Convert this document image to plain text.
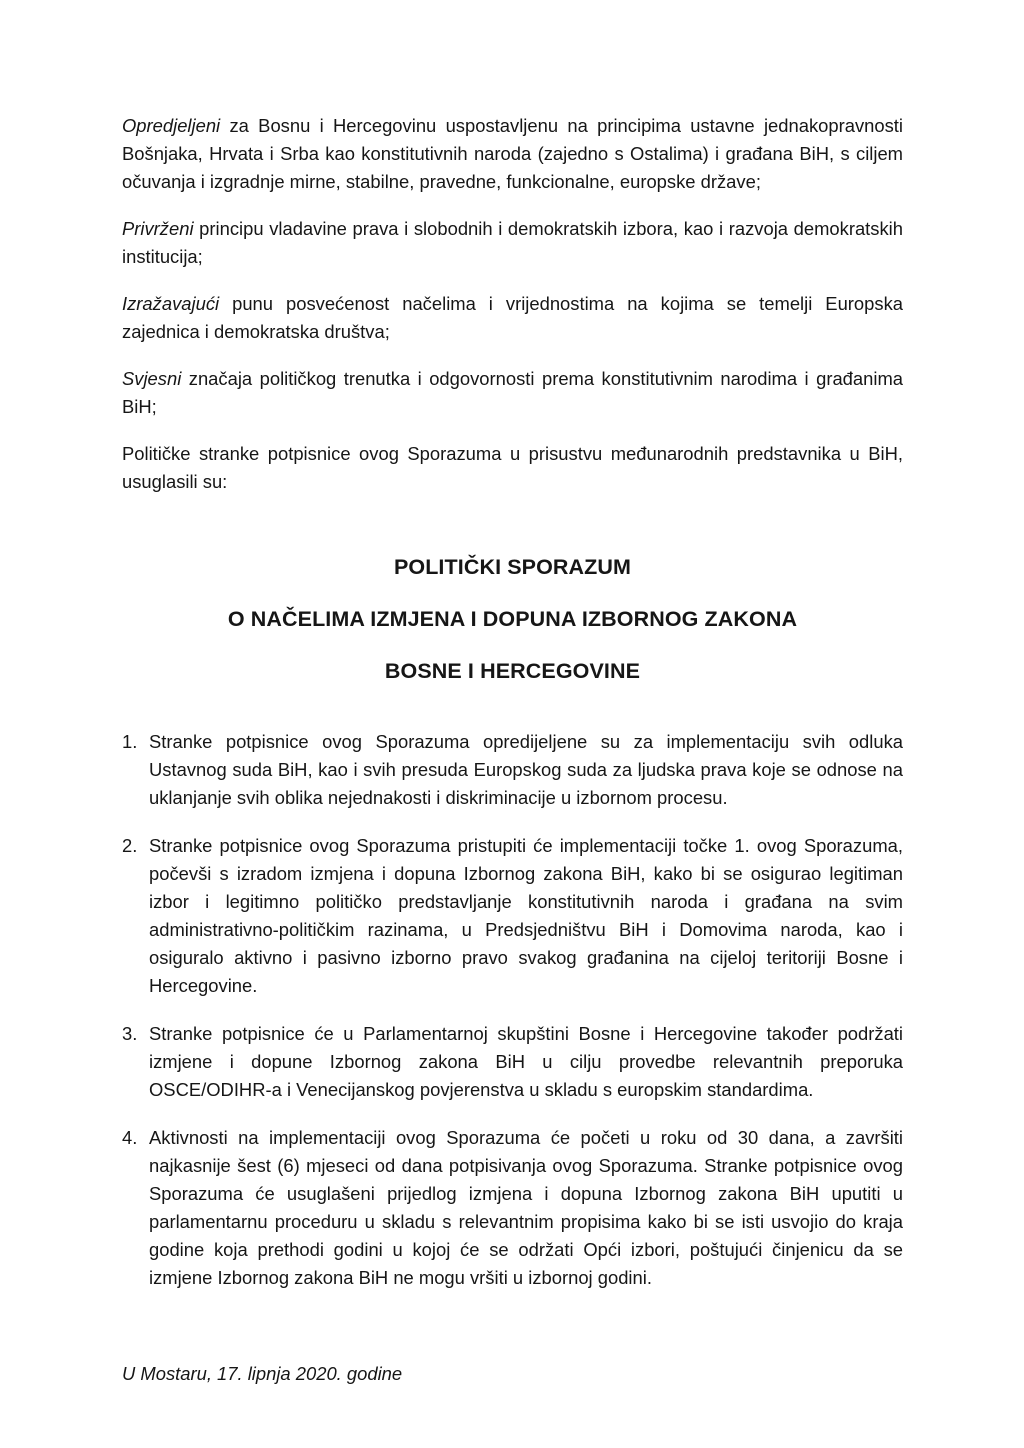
Opredjeljeni za Bosnu i Hercegovinu uspostavljenu na principima ustavne jednakopravnosti Bošnjaka, Hrvata i Srba kao konstitutivnih naroda (zajedno s Ostalima) i građana BiH, s ciljem očuvanja i izgradnje mirne, stabilne, pravedne, funkcionalne, europske države;

Privrženi principu vladavine prava i slobodnih i demokratskih izbora, kao i razvoja demokratskih institucija;

Izražavajući punu posvećenost načelima i vrijednostima na kojima se temelji Europska zajednica i demokratska društva;

Svjesni značaja političkog trenutka i odgovornosti prema konstitutivnim narodima i građanima BiH;

Političke stranke potpisnice ovog Sporazuma u prisustvu međunarodnih predstavnika u BiH, usuglasili su:

POLITIČKI SPORAZUM
O NAČELIMA IZMJENA I DOPUNA IZBORNOG ZAKONA
BOSNE I HERCEGOVINE
1. Stranke potpisnice ovog Sporazuma opredijeljene su za implementaciju svih odluka Ustavnog suda BiH, kao i svih presuda Europskog suda za ljudska prava koje se odnose na uklanjanje svih oblika nejednakosti i diskriminacije u izbornom procesu.
2. Stranke potpisnice ovog Sporazuma pristupiti će implementaciji točke 1. ovog Sporazuma, počevši s izradom izmjena i dopuna Izbornog zakona BiH, kako bi se osigurao legitiman izbor i legitimno političko predstavljanje konstitutivnih naroda i građana na svim administrativno-političkim razinama, u Predsjedništvu BiH i Domovima naroda, kao i osiguralo aktivno i pasivno izborno pravo svakog građanina na cijeloj teritoriji Bosne i Hercegovine.
3. Stranke potpisnice će u Parlamentarnoj skupštini Bosne i Hercegovine također podržati izmjene i dopune Izbornog zakona BiH u cilju provedbe relevantnih preporuka OSCE/ODIHR-a i Venecijanskog povjerenstva u skladu s europskim standardima.
4. Aktivnosti na implementaciji ovog Sporazuma će početi u roku od 30 dana, a završiti najkasnije šest (6) mjeseci od dana potpisivanja ovog Sporazuma. Stranke potpisnice ovog Sporazuma će usuglašeni prijedlog izmjena i dopuna Izbornog zakona BiH uputiti u parlamentarnu proceduru u skladu s relevantnim propisima kako bi se isti usvojio do kraja godine koja prethodi godini u kojoj će se održati Opći izbori, poštujući činjenicu da se izmjene Izbornog zakona BiH ne mogu vršiti u izbornoj godini.
U Mostaru, 17. lipnja 2020. godine
